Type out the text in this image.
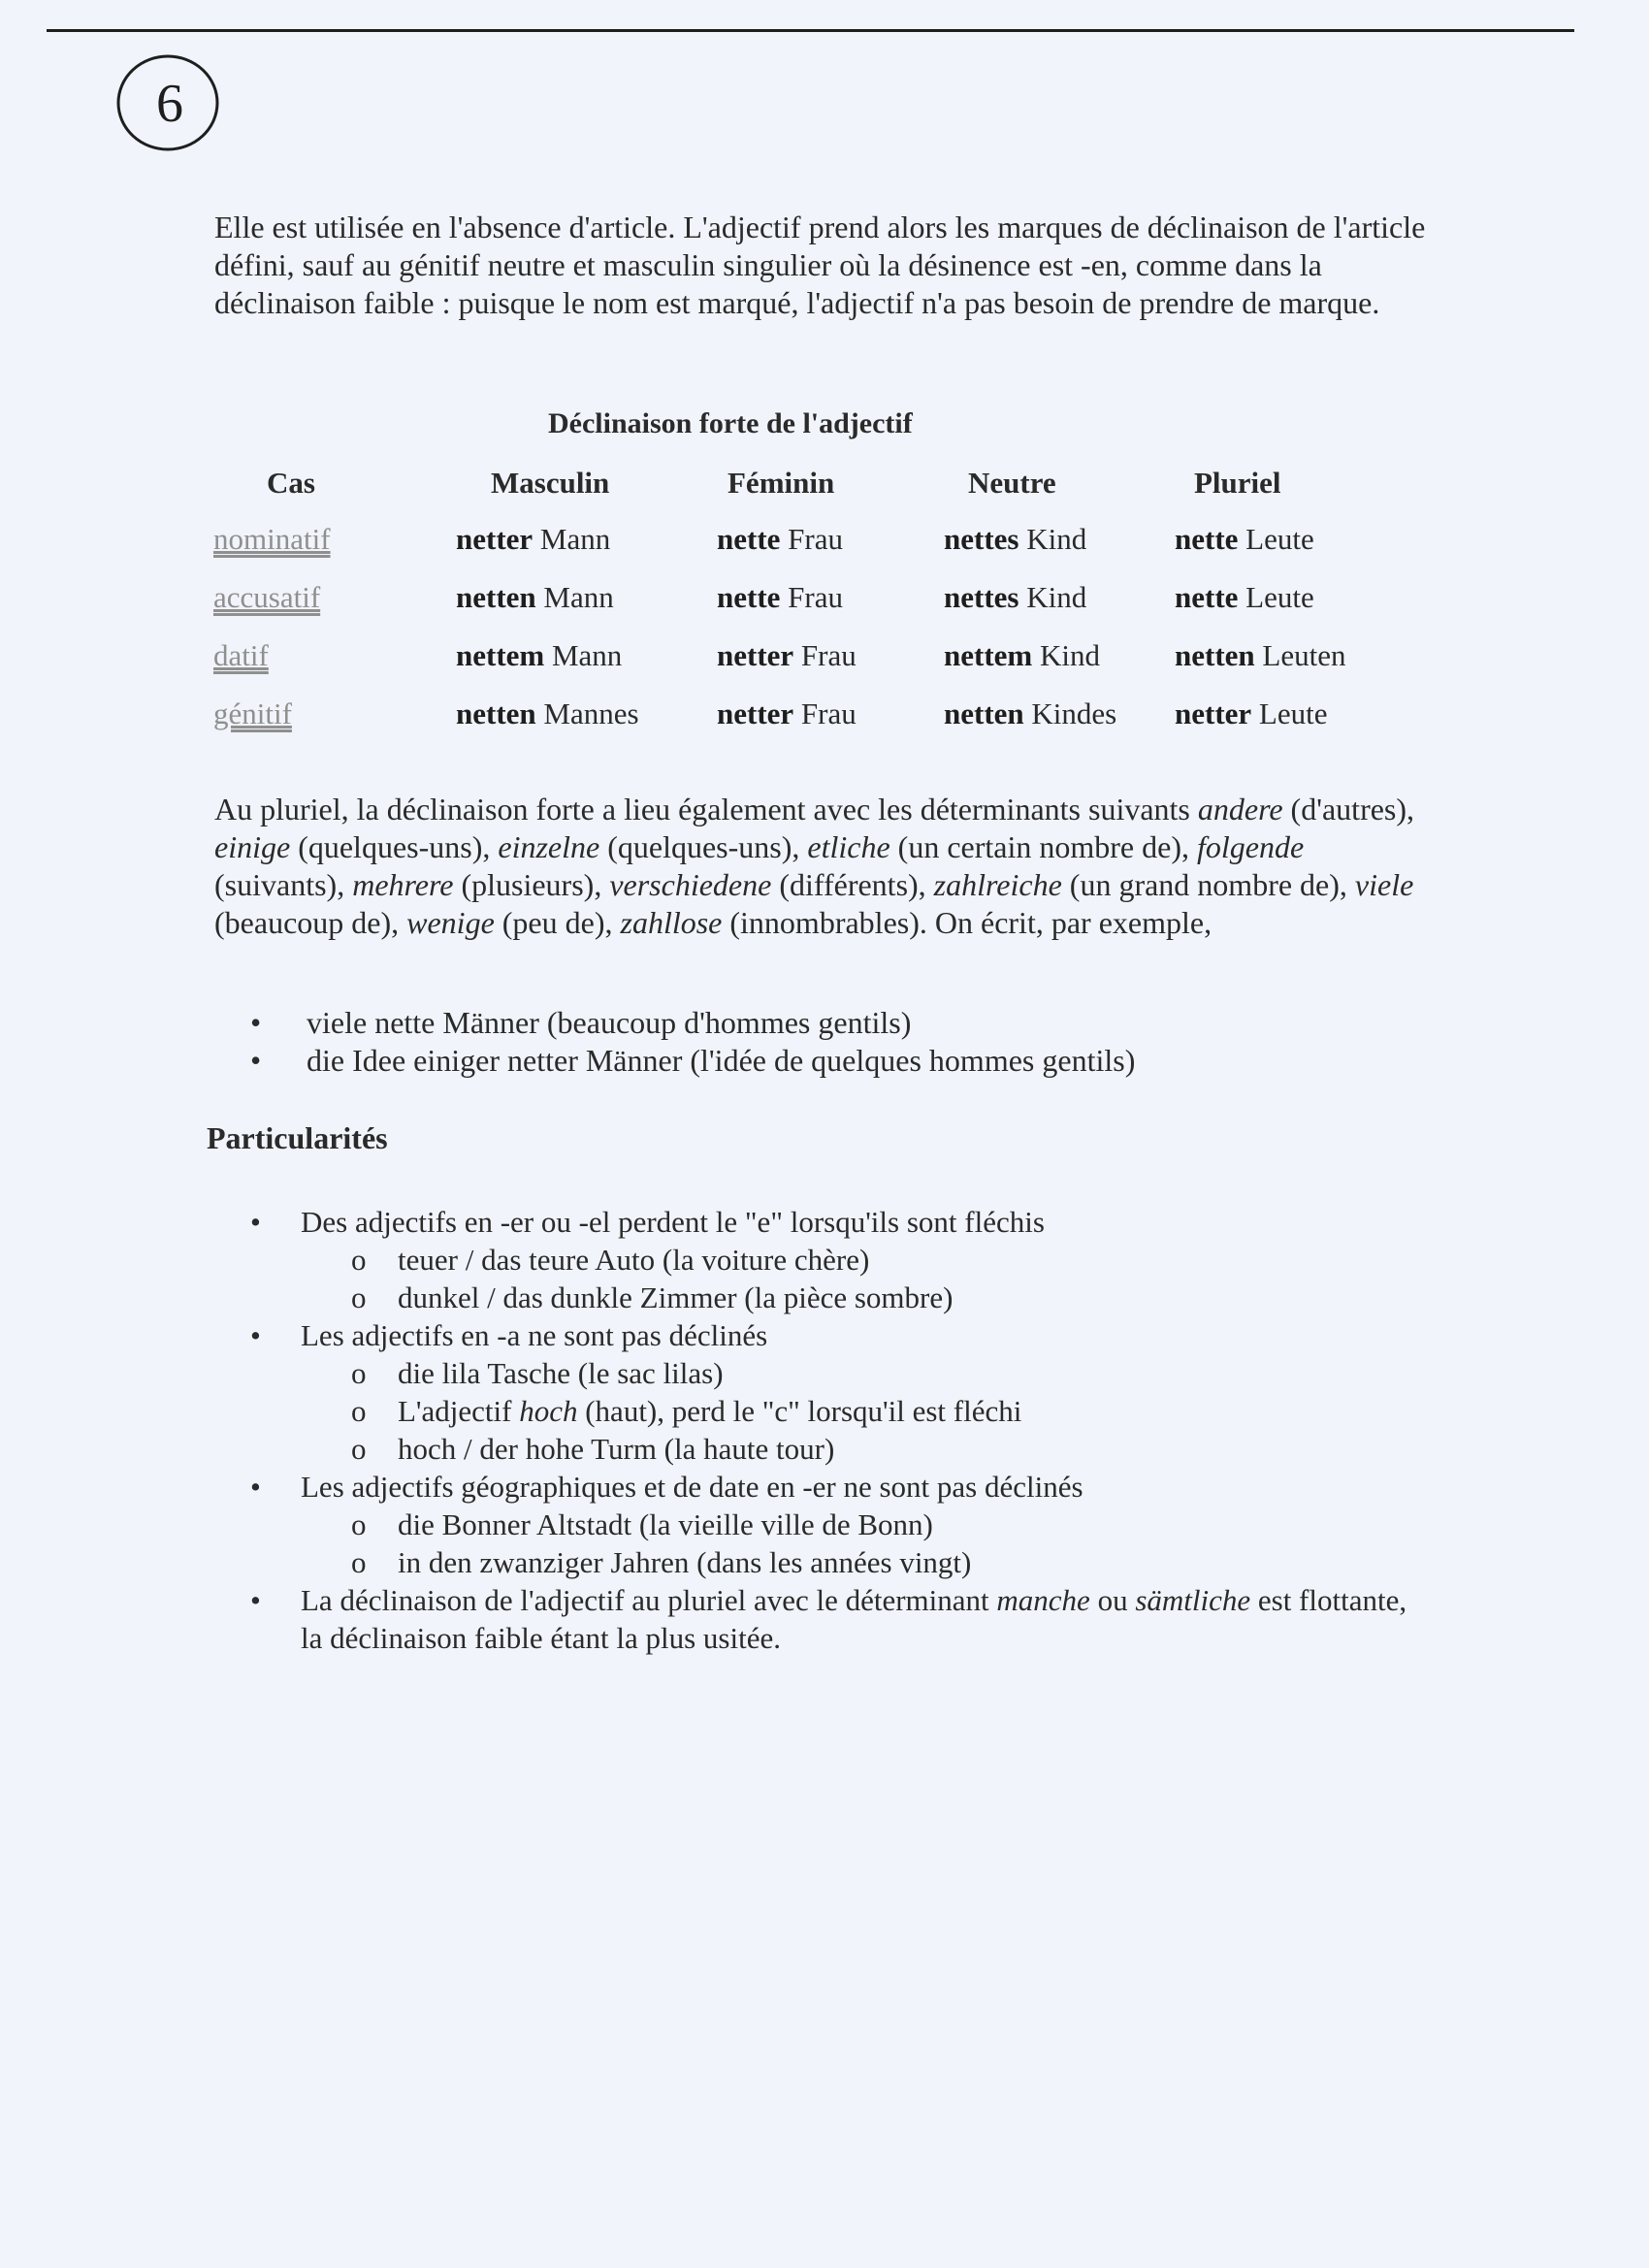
6

Elle est utilisée en l'absence d'article. L'adjectif prend alors les marques de déclinaison de l'article défini, sauf au génitif neutre et masculin singulier où la désinence est -en, comme dans la déclinaison faible : puisque le nom est marqué, l'adjectif n'a pas besoin de prendre de marque.

Déclinaison forte de l'adjectif
Cas	Masculin	Féminin	Neutre	Pluriel
nominatif	netter Mann	nette Frau	nettes Kind	nette Leute
accusatif	netten Mann	nette Frau	nettes Kind	nette Leute
datif	nettem Mann	netter Frau	nettem Kind	netten Leuten
génitif	netten Mannes	netter Frau	netten Kindes	netter Leute

Au pluriel, la déclinaison forte a lieu également avec les déterminants suivants andere (d'autres), einige (quelques-uns), einzelne (quelques-uns), etliche (un certain nombre de), folgende (suivants), mehrere (plusieurs), verschiedene (différents), zahlreiche (un grand nombre de), viele (beaucoup de), wenige (peu de), zahllose (innombrables). On écrit, par exemple,

• viele nette Männer (beaucoup d'hommes gentils)
• die Idee einiger netter Männer (l'idée de quelques hommes gentils)
Particularités
• Des adjectifs en -er ou -el perdent le "e" lorsqu'ils sont fléchis
o teuer / das teure Auto (la voiture chère)
o dunkel / das dunkle Zimmer (la pièce sombre)
• Les adjectifs en -a ne sont pas déclinés
o die lila Tasche (le sac lilas)
o L'adjectif hoch (haut), perd le "c" lorsqu'il est fléchi
o hoch / der hohe Turm (la haute tour)
• Les adjectifs géographiques et de date en -er ne sont pas déclinés
o die Bonner Altstadt (la vieille ville de Bonn)
o in den zwanziger Jahren (dans les années vingt)
• La déclinaison de l'adjectif au pluriel avec le déterminant manche ou sämtliche est flottante, la déclinaison faible étant la plus usitée.
